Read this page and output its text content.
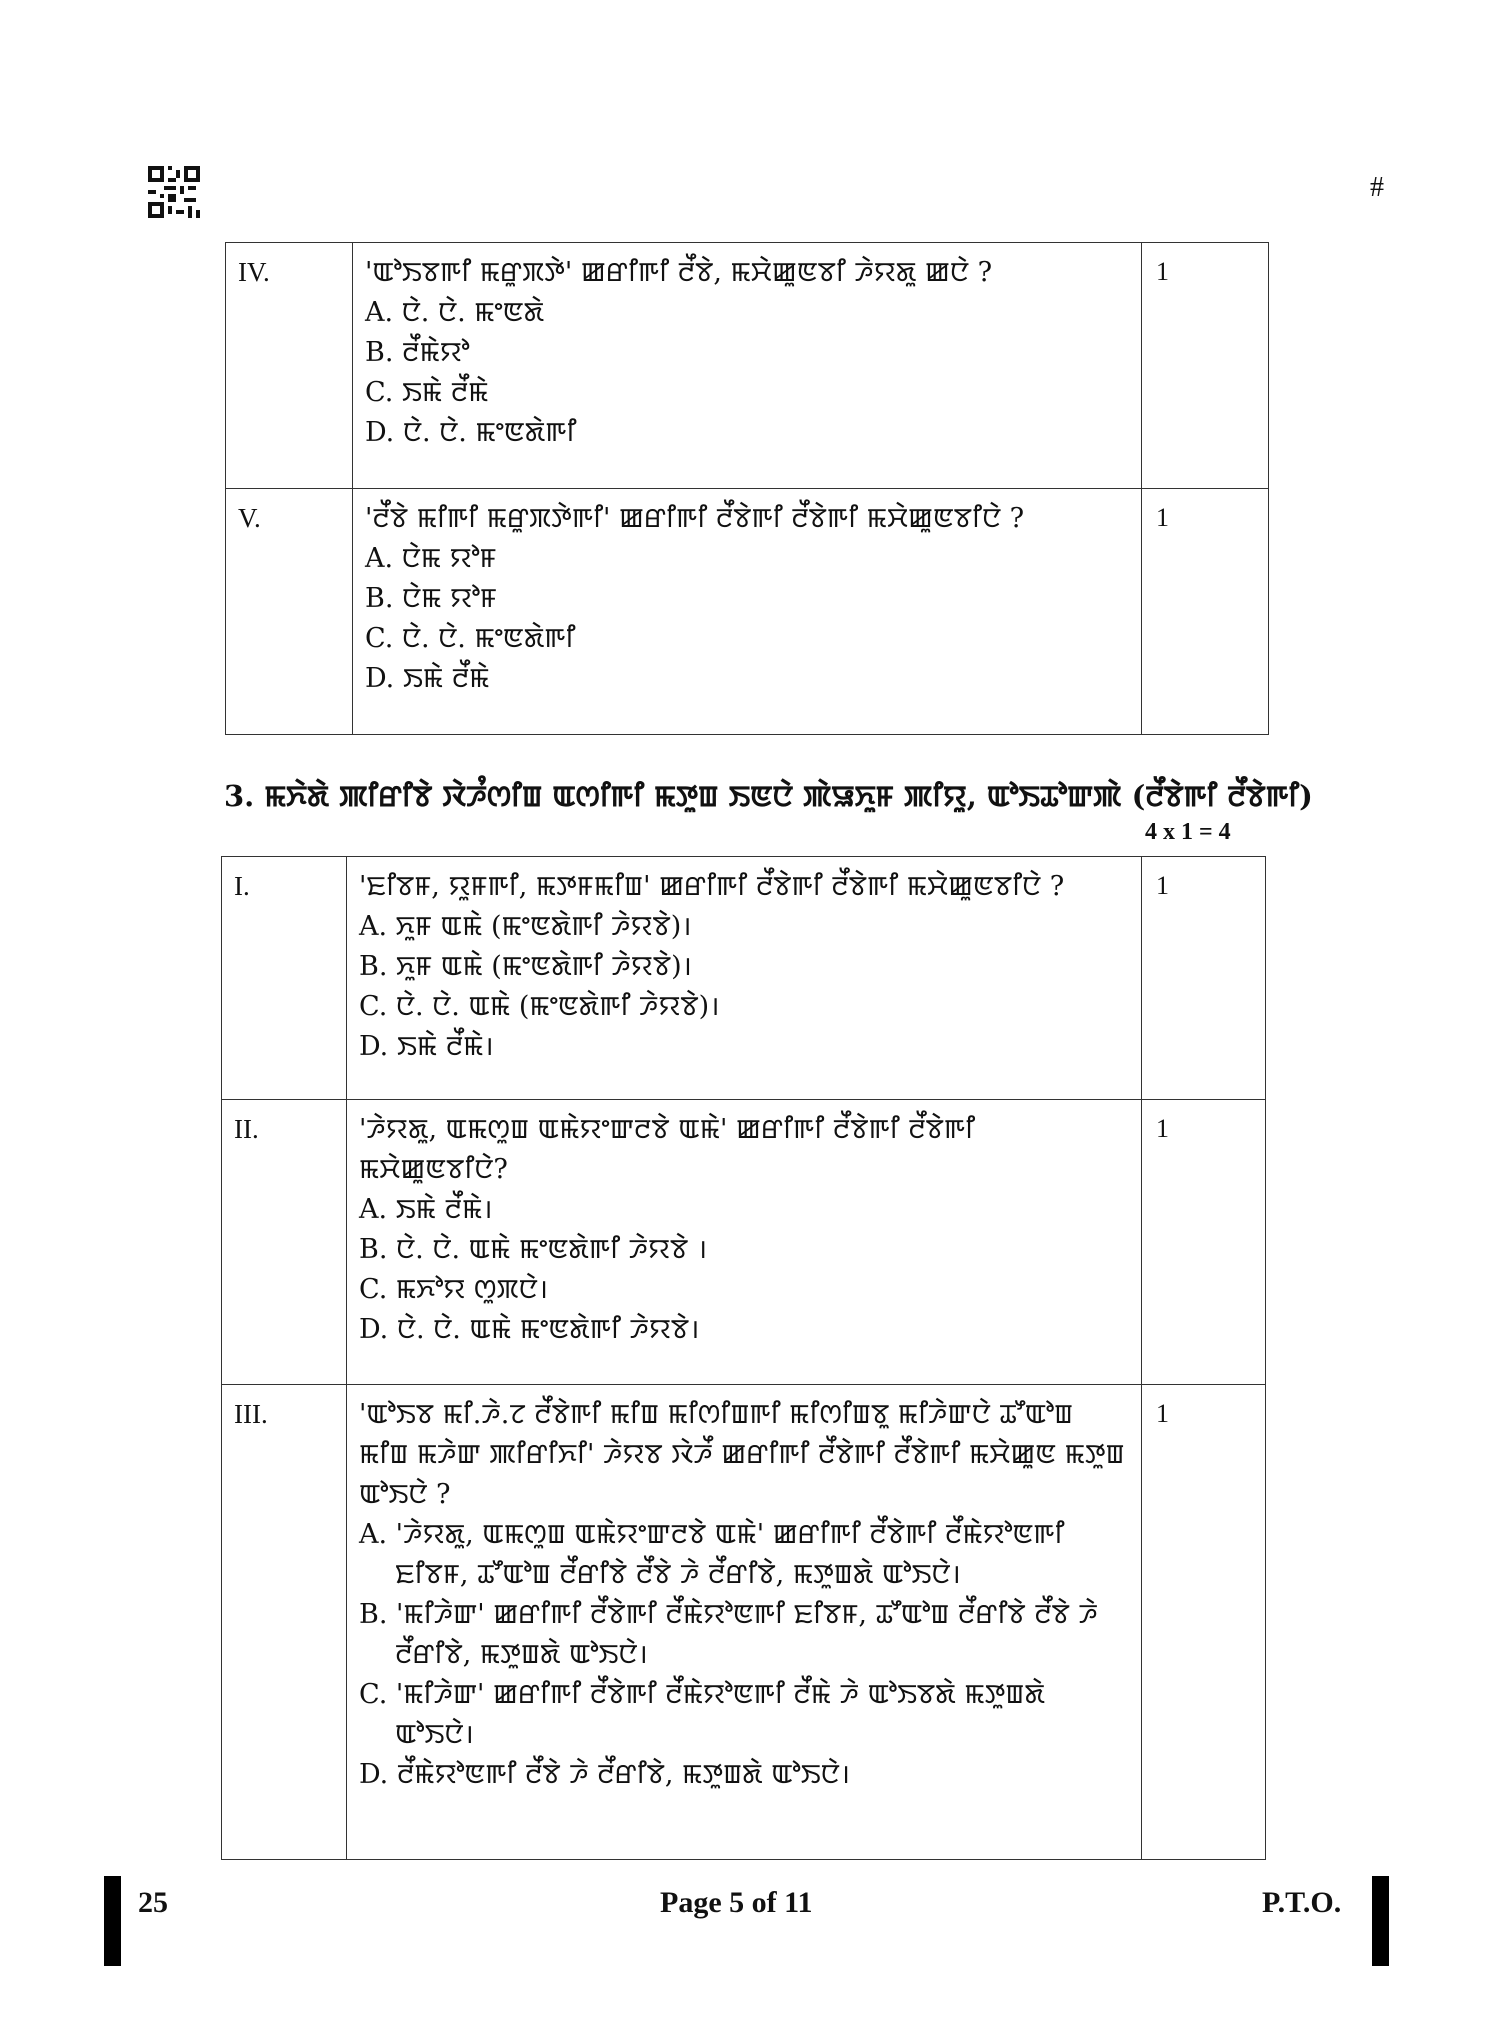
#
IV.	'ꯑꯣꯏꯕꯒꯤ ꯃꯔꯨꯞꯇꯥ' ꯀꯔꯤꯒꯤ ꯂꯩꯕꯥ, ꯃꯆꯥꯀꯨꯟꯕꯤ ꯍꯥꯌꯗꯨ ꯀꯅꯥ ?

A. ꯅꯥ. ꯅꯥ. ꯃꯦꯟꯗꯥ

B. ꯂꯩꯃꯥꯌꯣ

C. ꯏꯃꯥ ꯂꯩꯃꯥ

D. ꯅꯥ. ꯅꯥ. ꯃꯦꯟꯗꯥꯒꯤ	1
V.	'ꯂꯩꯕꯥ ꯃꯤꯒꯤ ꯃꯔꯨꯞꯇꯥꯒꯤ' ꯀꯔꯤꯒꯤ ꯂꯩꯕꯥꯒꯤ ꯂꯩꯕꯥꯒꯤ ꯃꯆꯥꯀꯨꯟꯕꯤꯅꯥ ?

A. ꯅꯥꯃ ꯌꯣꯝ

B. ꯅꯥꯃ ꯌꯣꯝ

C. ꯅꯥ. ꯅꯥ. ꯃꯦꯟꯗꯥꯒꯤ

D. ꯏꯃꯥ ꯂꯩꯃꯥ	1
3. ꯃꯈꯥꯗꯥ ꯄꯤꯔꯤꯕꯥ ꯋꯥꯍꯪꯁꯤꯡ ꯑꯁꯤꯒꯤ ꯃꯇꯨꯡ ꯏꯟꯅꯥ ꯄꯥꯎꯈꯨꯝ ꯄꯤꯌꯨ, ꯑꯣꯏꯊꯣꯛꯄꯥ (ꯂꯩꯕꯥꯒꯤ ꯂꯩꯕꯥꯒꯤ)
4 x 1 = 4
I.	'ꯐꯤꯕꯝ, ꯌꯨꯝꯒꯤ, ꯃꯇꯝꯃꯤꯡ' ꯀꯔꯤꯒꯤ ꯂꯩꯕꯥꯒꯤ ꯂꯩꯕꯥꯒꯤ ꯃꯆꯥꯀꯨꯟꯕꯤꯅꯥ ?

A. ꯈꯨꯝ ꯑꯃꯥ (ꯃꯦꯟꯗꯥꯒꯤ ꯍꯥꯌꯕꯥ)।

B. ꯈꯨꯝ ꯑꯃꯥ (ꯃꯦꯟꯗꯥꯒꯤ ꯍꯥꯌꯕꯥ)।

C. ꯅꯥ. ꯅꯥ. ꯑꯃꯥ (ꯃꯦꯟꯗꯥꯒꯤ ꯍꯥꯌꯕꯥ)।

D. ꯏꯃꯥ ꯂꯩꯃꯥ।	1
II.	'ꯍꯥꯌꯗꯨ, ꯑꯃꯁꯨꯡ ꯑꯃꯥꯌꯦꯛꯂꯕꯥ ꯑꯃꯥ' ꯀꯔꯤꯒꯤ ꯂꯩꯕꯥꯒꯤ ꯂꯩꯕꯥꯒꯤ ꯃꯆꯥꯀꯨꯟꯕꯤꯅꯥ?

A. ꯏꯃꯥ ꯂꯩꯃꯥ।

B. ꯅꯥ. ꯅꯥ. ꯑꯃꯥ ꯃꯦꯟꯗꯥꯒꯤ ꯍꯥꯌꯕꯥ ।

C. ꯃꯈꯣꯌ ꯁꯨꯞꯅꯥ।

D. ꯅꯥ. ꯅꯥ. ꯑꯃꯥ ꯃꯦꯟꯗꯥꯒꯤ ꯍꯥꯌꯕꯥ।	1
III.	'ꯑꯣꯏꯕ ꯃꯤ.ꯍꯥ.ꯖ ꯂꯩꯕꯥꯒꯤ ꯃꯤꯡ ꯃꯤꯁꯤꯡꯒꯤ ꯃꯤꯁꯤꯡꯕꯨ ꯃꯤꯍꯥꯛꯅꯥ ꯊꯧꯑꯣꯡ ꯃꯤꯡ ꯃꯍꯥꯛ ꯄꯤꯔꯤꯈꯤ' ꯍꯥꯌꯕ ꯋꯥꯍꯩ ꯀꯔꯤꯒꯤ ꯂꯩꯕꯥꯒꯤ ꯂꯩꯕꯥꯒꯤ ꯃꯆꯥꯀꯨꯟ ꯃꯇꯨꯡ ꯑꯣꯏꯅꯥ ?

A. 'ꯍꯥꯌꯗꯨ, ꯑꯃꯁꯨꯡ ꯑꯃꯥꯌꯦꯛꯂꯕꯥ ꯑꯃꯥ' ꯀꯔꯤꯒꯤ ꯂꯩꯕꯥꯒꯤ ꯂꯩꯃꯥꯌꯣꯟꯒꯤ ꯐꯤꯕꯝ, ꯊꯧꯑꯣꯡ ꯂꯩꯔꯤꯕꯥ ꯂꯩꯕꯥ ꯍꯥ ꯂꯩꯔꯤꯕꯥ, ꯃꯇꯨꯡꯗꯥ ꯑꯣꯏꯅꯥ।

B. 'ꯃꯤꯍꯥꯛ' ꯀꯔꯤꯒꯤ ꯂꯩꯕꯥꯒꯤ ꯂꯩꯃꯥꯌꯣꯟꯒꯤ ꯐꯤꯕꯝ, ꯊꯧꯑꯣꯡ ꯂꯩꯔꯤꯕꯥ ꯂꯩꯕꯥ ꯍꯥ ꯂꯩꯔꯤꯕꯥ, ꯃꯇꯨꯡꯗꯥ ꯑꯣꯏꯅꯥ।

C. 'ꯃꯤꯍꯥꯛ' ꯀꯔꯤꯒꯤ ꯂꯩꯕꯥꯒꯤ ꯂꯩꯃꯥꯌꯣꯟꯒꯤ ꯂꯩꯃꯥ ꯍꯥ ꯑꯣꯏꯕꯗꯥ ꯃꯇꯨꯡꯗꯥ ꯑꯣꯏꯅꯥ।

D. ꯂꯩꯃꯥꯌꯣꯟꯒꯤ ꯂꯩꯕꯥ ꯍꯥ ꯂꯩꯔꯤꯕꯥ, ꯃꯇꯨꯡꯗꯥ ꯑꯣꯏꯅꯥ।	1
25	Page 5 of 11	P.T.O.
